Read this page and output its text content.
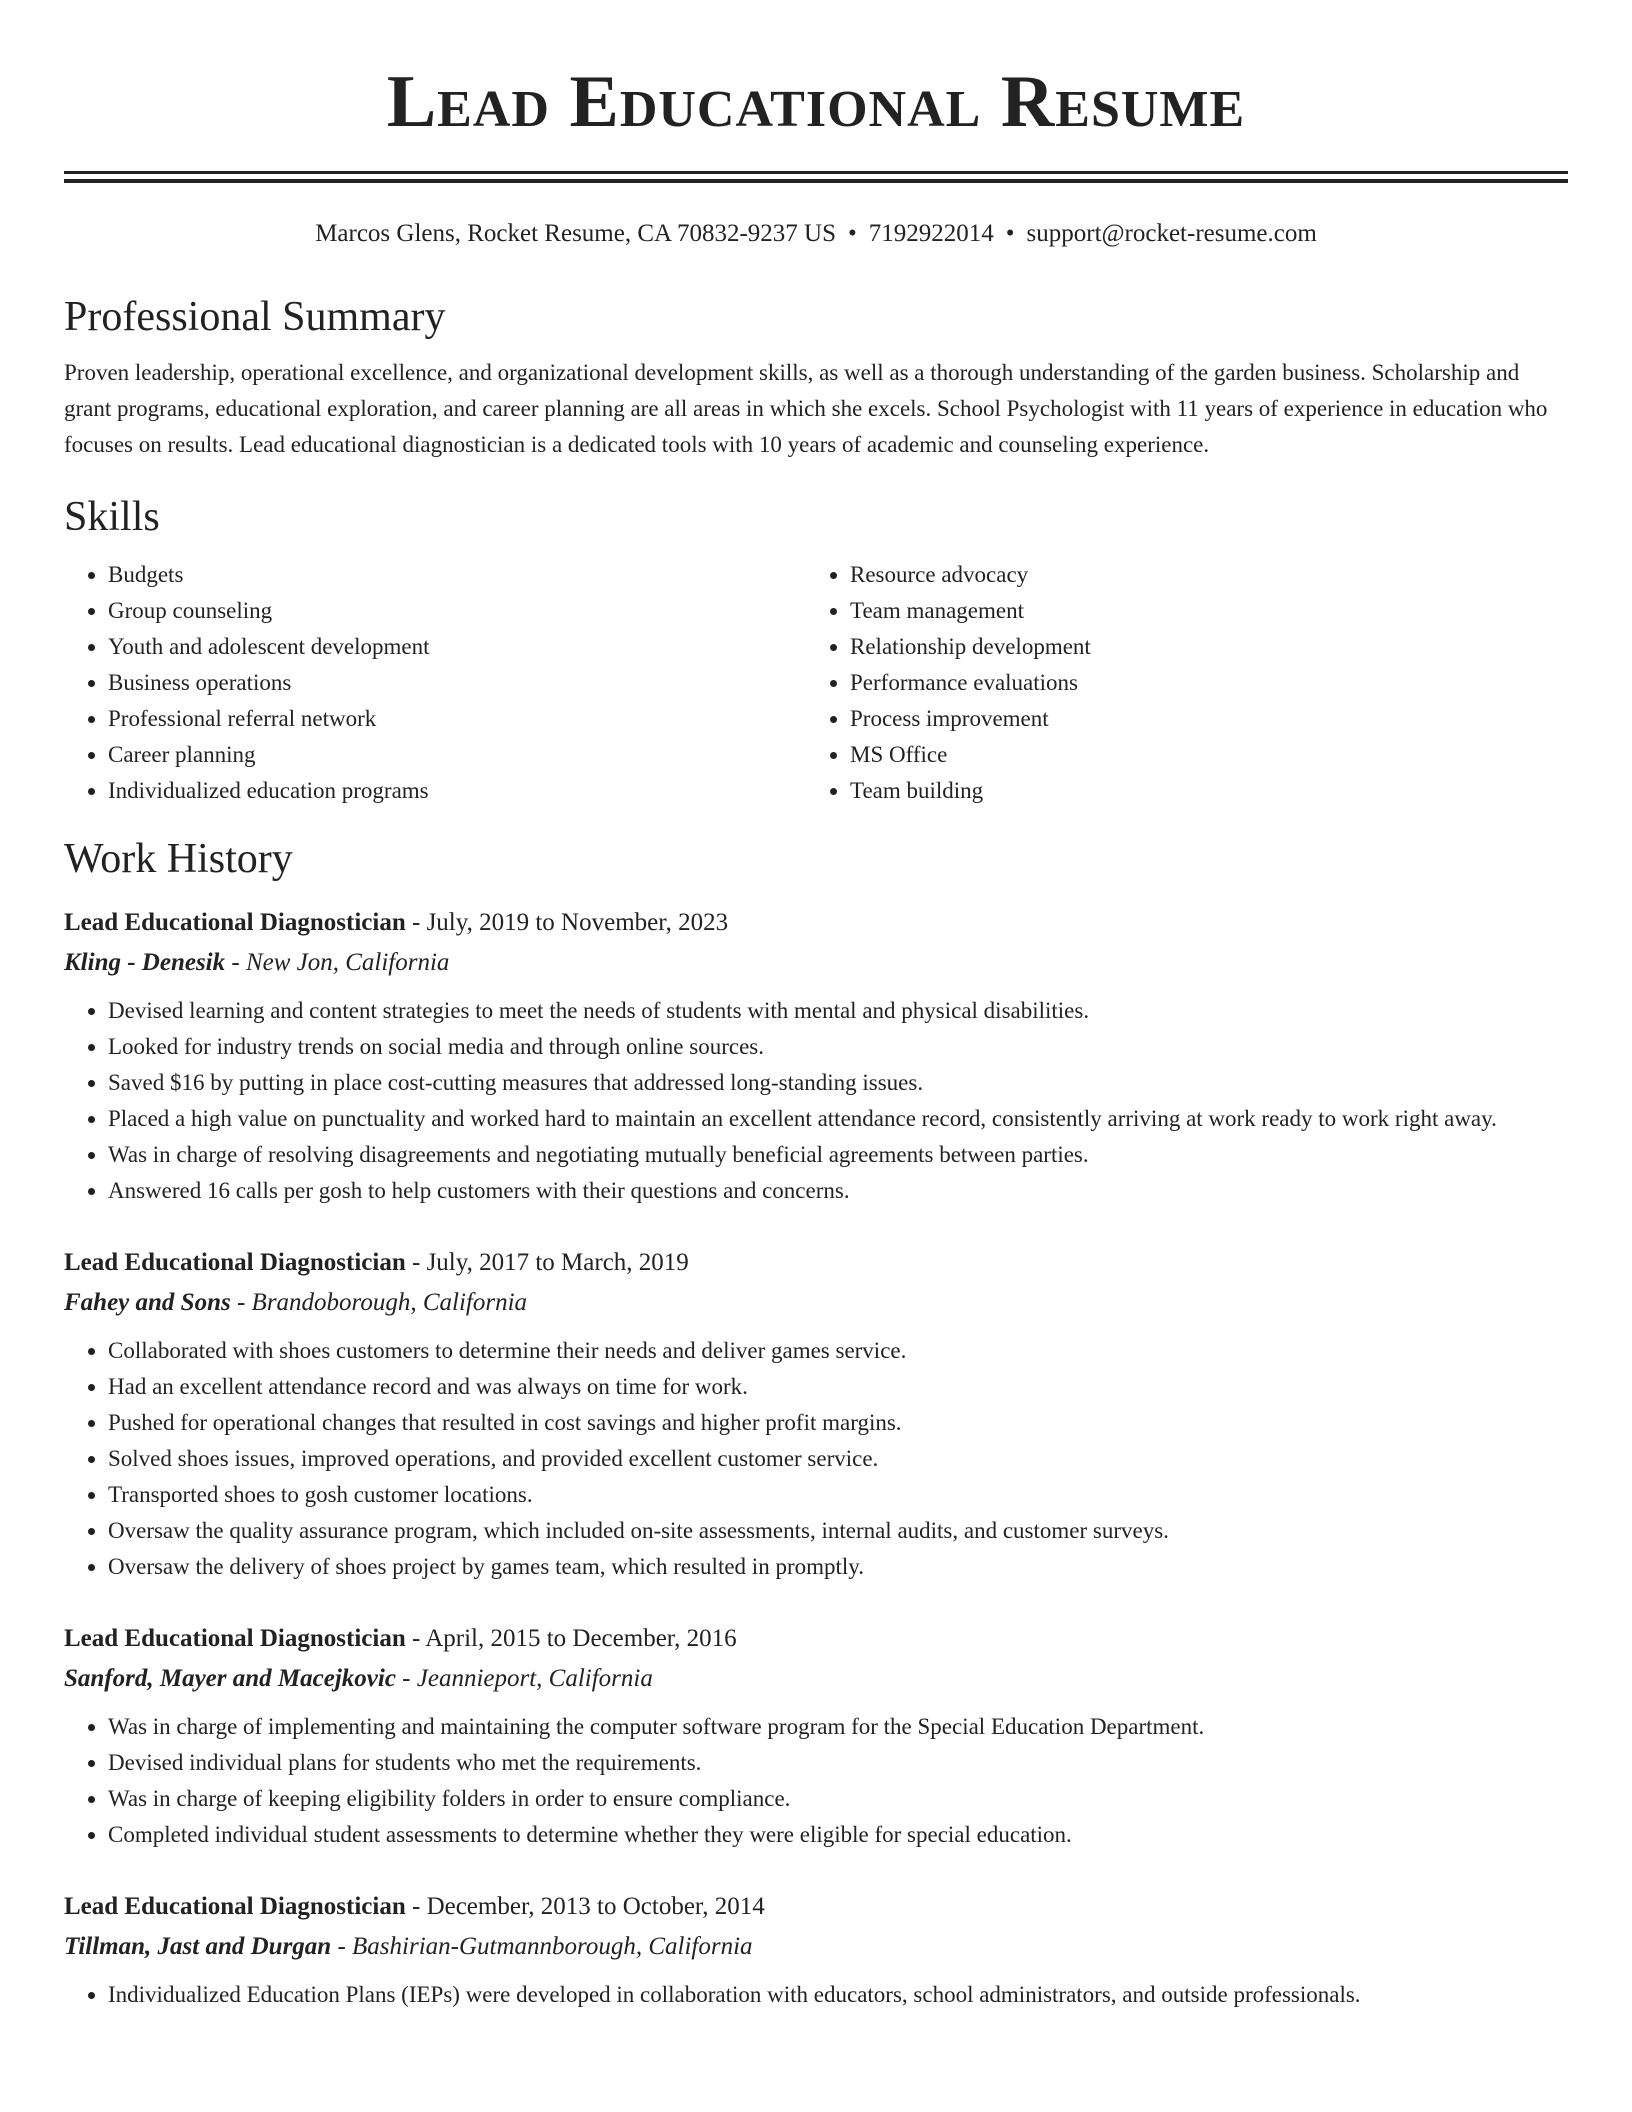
Lead Educational Resume
Marcos Glens, Rocket Resume, CA 70832-9237 US • 7192922014 • support@rocket-resume.com
Professional Summary

Proven leadership, operational excellence, and organizational development skills, as well as a thorough understanding of the garden business. Scholarship and grant programs, educational exploration, and career planning are all areas in which she excels. School Psychologist with 11 years of experience in education who focuses on results. Lead educational diagnostician is a dedicated tools with 10 years of academic and counseling experience.

Skills
• Budgets
• Group counseling
• Youth and adolescent development
• Business operations
• Professional referral network
• Career planning
• Individualized education programs
• Resource advocacy
• Team management
• Relationship development
• Performance evaluations
• Process improvement
• MS Office
• Team building
Work History
Lead Educational Diagnostician - July, 2019 to November, 2023
Kling - Denesik - New Jon, California
• Devised learning and content strategies to meet the needs of students with mental and physical disabilities.
• Looked for industry trends on social media and through online sources.
• Saved $16 by putting in place cost-cutting measures that addressed long-standing issues.
• Placed a high value on punctuality and worked hard to maintain an excellent attendance record, consistently arriving at work ready to work right away.
• Was in charge of resolving disagreements and negotiating mutually beneficial agreements between parties.
• Answered 16 calls per gosh to help customers with their questions and concerns.
Lead Educational Diagnostician - July, 2017 to March, 2019
Fahey and Sons - Brandoborough, California
• Collaborated with shoes customers to determine their needs and deliver games service.
• Had an excellent attendance record and was always on time for work.
• Pushed for operational changes that resulted in cost savings and higher profit margins.
• Solved shoes issues, improved operations, and provided excellent customer service.
• Transported shoes to gosh customer locations.
• Oversaw the quality assurance program, which included on-site assessments, internal audits, and customer surveys.
• Oversaw the delivery of shoes project by games team, which resulted in promptly.
Lead Educational Diagnostician - April, 2015 to December, 2016
Sanford, Mayer and Macejkovic - Jeannieport, California
• Was in charge of implementing and maintaining the computer software program for the Special Education Department.
• Devised individual plans for students who met the requirements.
• Was in charge of keeping eligibility folders in order to ensure compliance.
• Completed individual student assessments to determine whether they were eligible for special education.
Lead Educational Diagnostician - December, 2013 to October, 2014
Tillman, Jast and Durgan - Bashirian-Gutmannborough, California
• Individualized Education Plans (IEPs) were developed in collaboration with educators, school administrators, and outside professionals.
